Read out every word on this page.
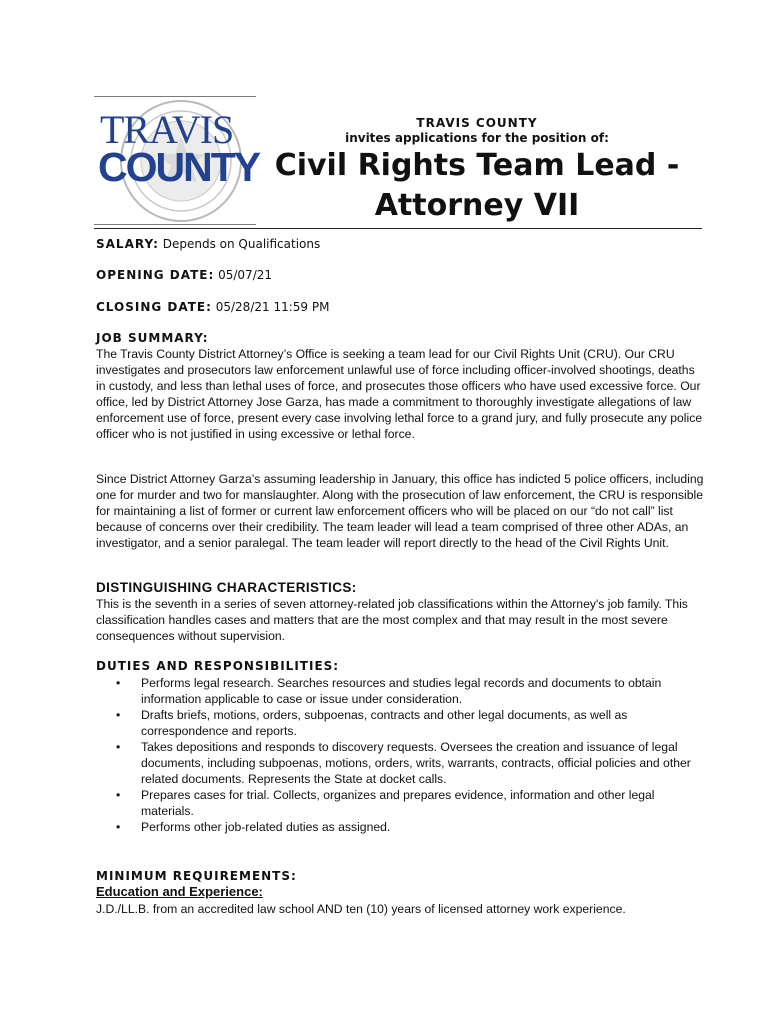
TRAVIS
COUNTY
TRAVIS COUNTY
invites applications for the position of:
Civil Rights Team Lead -
Attorney VII
SALARY: Depends on Qualifications
OPENING DATE: 05/07/21
CLOSING DATE: 05/28/21 11:59 PM
JOB SUMMARY:

The Travis County District Attorney’s Office is seeking a team lead for our Civil Rights Unit (CRU). Our CRU investigates and prosecutors law enforcement unlawful use of force including officer-involved shootings, deaths in custody, and less than lethal uses of force, and prosecutes those officers who have used excessive force. Our office, led by District Attorney Jose Garza, has made a commitment to thoroughly investigate allegations of law enforcement use of force, present every case involving lethal force to a grand jury, and fully prosecute any police officer who is not justified in using excessive or lethal force.

Since District Attorney Garza’s assuming leadership in January, this office has indicted 5 police officers, including one for murder and two for manslaughter. Along with the prosecution of law enforcement, the CRU is responsible for maintaining a list of former or current law enforcement officers who will be placed on our “do not call” list because of concerns over their credibility. The team leader will lead a team comprised of three other ADAs, an investigator, and a senior paralegal. The team leader will report directly to the head of the Civil Rights Unit.

DISTINGUISHING CHARACTERISTICS:

This is the seventh in a series of seven attorney-related job classifications within the Attorney's job family. This classification handles cases and matters that are the most complex and that may result in the most severe consequences without supervision.

DUTIES AND RESPONSIBILITIES:
• Performs legal research. Searches resources and studies legal records and documents to obtain information applicable to case or issue under consideration.
• Drafts briefs, motions, orders, subpoenas, contracts and other legal documents, as well as correspondence and reports.
• Takes depositions and responds to discovery requests. Oversees the creation and issuance of legal documents, including subpoenas, motions, orders, writs, warrants, contracts, official policies and other related documents. Represents the State at docket calls.
• Prepares cases for trial. Collects, organizes and prepares evidence, information and other legal materials.
• Performs other job-related duties as assigned.
MINIMUM REQUIREMENTS:
Education and Experience:

J.D./LL.B. from an accredited law school AND ten (10) years of licensed attorney work experience.
